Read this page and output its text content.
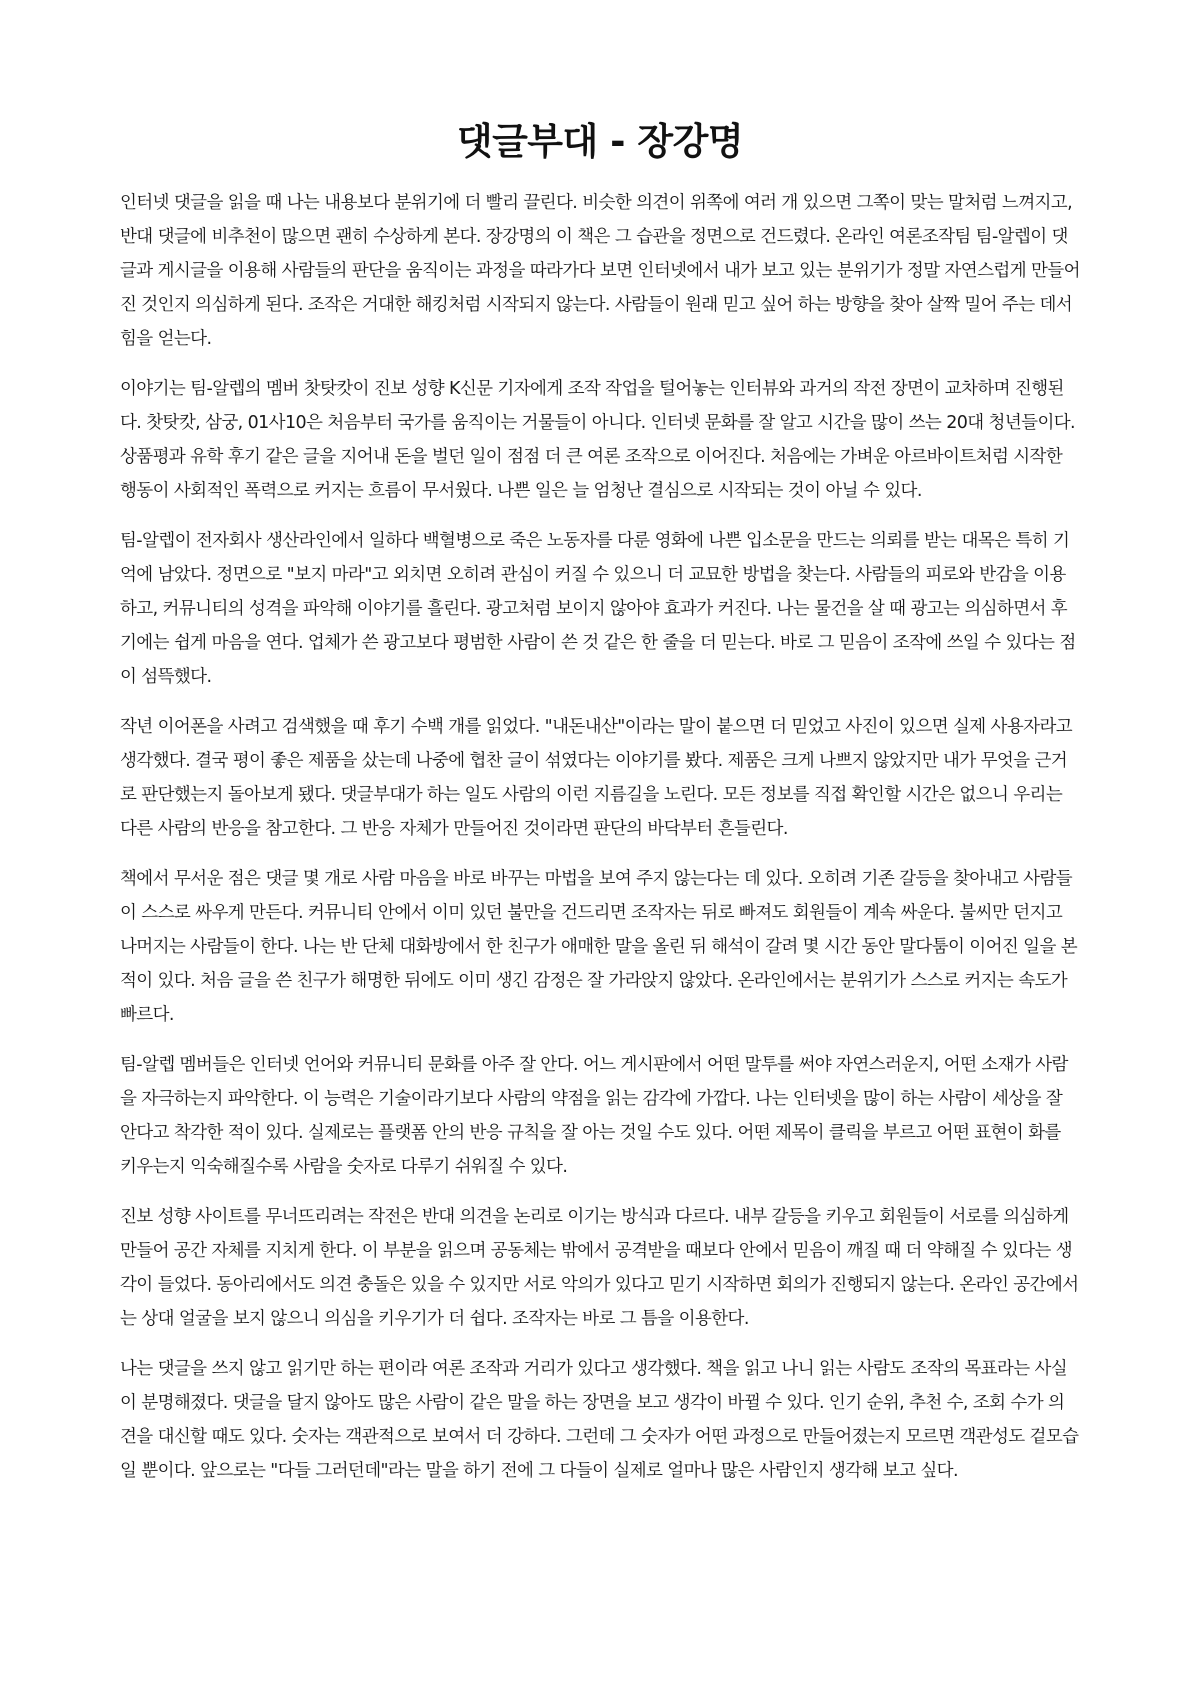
댓글부대 - 장강명

인터넷 댓글을 읽을 때 나는 내용보다 분위기에 더 빨리 끌린다. 비슷한 의견이 위쪽에 여러 개 있으면 그쪽이 맞는 말처럼 느껴지고, 반대 댓글에 비추천이 많으면 괜히 수상하게 본다. 장강명의 이 책은 그 습관을 정면으로 건드렸다. 온라인 여론조작팀 팀-알렙이 댓글과 게시글을 이용해 사람들의 판단을 움직이는 과정을 따라가다 보면 인터넷에서 내가 보고 있는 분위기가 정말 자연스럽게 만들어진 것인지 의심하게 된다. 조작은 거대한 해킹처럼 시작되지 않는다. 사람들이 원래 믿고 싶어 하는 방향을 찾아 살짝 밀어 주는 데서 힘을 얻는다.

이야기는 팀-알렙의 멤버 찻탓캇이 진보 성향 K신문 기자에게 조작 작업을 털어놓는 인터뷰와 과거의 작전 장면이 교차하며 진행된다. 찻탓캇, 삼궁, 01사10은 처음부터 국가를 움직이는 거물들이 아니다. 인터넷 문화를 잘 알고 시간을 많이 쓰는 20대 청년들이다. 상품평과 유학 후기 같은 글을 지어내 돈을 벌던 일이 점점 더 큰 여론 조작으로 이어진다. 처음에는 가벼운 아르바이트처럼 시작한 행동이 사회적인 폭력으로 커지는 흐름이 무서웠다. 나쁜 일은 늘 엄청난 결심으로 시작되는 것이 아닐 수 있다.

팀-알렙이 전자회사 생산라인에서 일하다 백혈병으로 죽은 노동자를 다룬 영화에 나쁜 입소문을 만드는 의뢰를 받는 대목은 특히 기억에 남았다. 정면으로 "보지 마라"고 외치면 오히려 관심이 커질 수 있으니 더 교묘한 방법을 찾는다. 사람들의 피로와 반감을 이용하고, 커뮤니티의 성격을 파악해 이야기를 흘린다. 광고처럼 보이지 않아야 효과가 커진다. 나는 물건을 살 때 광고는 의심하면서 후기에는 쉽게 마음을 연다. 업체가 쓴 광고보다 평범한 사람이 쓴 것 같은 한 줄을 더 믿는다. 바로 그 믿음이 조작에 쓰일 수 있다는 점이 섬뜩했다.

작년 이어폰을 사려고 검색했을 때 후기 수백 개를 읽었다. "내돈내산"이라는 말이 붙으면 더 믿었고 사진이 있으면 실제 사용자라고 생각했다. 결국 평이 좋은 제품을 샀는데 나중에 협찬 글이 섞였다는 이야기를 봤다. 제품은 크게 나쁘지 않았지만 내가 무엇을 근거로 판단했는지 돌아보게 됐다. 댓글부대가 하는 일도 사람의 이런 지름길을 노린다. 모든 정보를 직접 확인할 시간은 없으니 우리는 다른 사람의 반응을 참고한다. 그 반응 자체가 만들어진 것이라면 판단의 바닥부터 흔들린다.

책에서 무서운 점은 댓글 몇 개로 사람 마음을 바로 바꾸는 마법을 보여 주지 않는다는 데 있다. 오히려 기존 갈등을 찾아내고 사람들이 스스로 싸우게 만든다. 커뮤니티 안에서 이미 있던 불만을 건드리면 조작자는 뒤로 빠져도 회원들이 계속 싸운다. 불씨만 던지고 나머지는 사람들이 한다. 나는 반 단체 대화방에서 한 친구가 애매한 말을 올린 뒤 해석이 갈려 몇 시간 동안 말다툼이 이어진 일을 본 적이 있다. 처음 글을 쓴 친구가 해명한 뒤에도 이미 생긴 감정은 잘 가라앉지 않았다. 온라인에서는 분위기가 스스로 커지는 속도가 빠르다.

팀-알렙 멤버들은 인터넷 언어와 커뮤니티 문화를 아주 잘 안다. 어느 게시판에서 어떤 말투를 써야 자연스러운지, 어떤 소재가 사람을 자극하는지 파악한다. 이 능력은 기술이라기보다 사람의 약점을 읽는 감각에 가깝다. 나는 인터넷을 많이 하는 사람이 세상을 잘 안다고 착각한 적이 있다. 실제로는 플랫폼 안의 반응 규칙을 잘 아는 것일 수도 있다. 어떤 제목이 클릭을 부르고 어떤 표현이 화를 키우는지 익숙해질수록 사람을 숫자로 다루기 쉬워질 수 있다.

진보 성향 사이트를 무너뜨리려는 작전은 반대 의견을 논리로 이기는 방식과 다르다. 내부 갈등을 키우고 회원들이 서로를 의심하게 만들어 공간 자체를 지치게 한다. 이 부분을 읽으며 공동체는 밖에서 공격받을 때보다 안에서 믿음이 깨질 때 더 약해질 수 있다는 생각이 들었다. 동아리에서도 의견 충돌은 있을 수 있지만 서로 악의가 있다고 믿기 시작하면 회의가 진행되지 않는다. 온라인 공간에서는 상대 얼굴을 보지 않으니 의심을 키우기가 더 쉽다. 조작자는 바로 그 틈을 이용한다.

나는 댓글을 쓰지 않고 읽기만 하는 편이라 여론 조작과 거리가 있다고 생각했다. 책을 읽고 나니 읽는 사람도 조작의 목표라는 사실이 분명해졌다. 댓글을 달지 않아도 많은 사람이 같은 말을 하는 장면을 보고 생각이 바뀔 수 있다. 인기 순위, 추천 수, 조회 수가 의견을 대신할 때도 있다. 숫자는 객관적으로 보여서 더 강하다. 그런데 그 숫자가 어떤 과정으로 만들어졌는지 모르면 객관성도 겉모습일 뿐이다. 앞으로는 "다들 그러던데"라는 말을 하기 전에 그 다들이 실제로 얼마나 많은 사람인지 생각해 보고 싶다.
